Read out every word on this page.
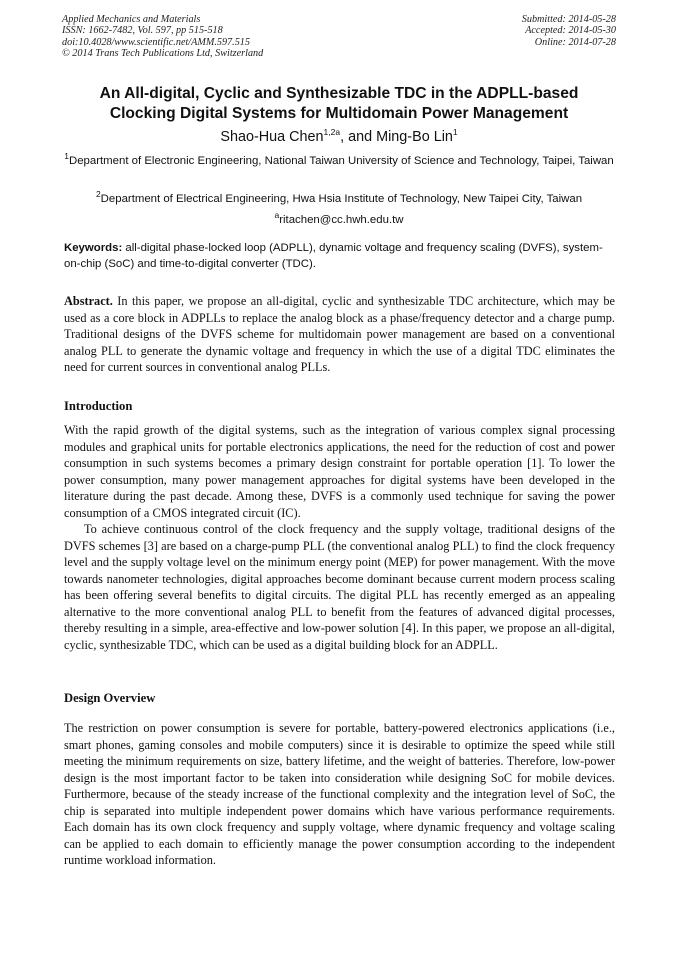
Applied Mechanics and Materials
ISSN: 1662-7482, Vol. 597, pp 515-518
doi:10.4028/www.scientific.net/AMM.597.515
© 2014 Trans Tech Publications Ltd, Switzerland
Submitted: 2014-05-28
Accepted: 2014-05-30
Online: 2014-07-28
An All-digital, Cyclic and Synthesizable TDC in the ADPLL-based
Clocking Digital Systems for Multidomain Power Management
Shao-Hua Chen$^{1,2a}$, and Ming-Bo Lin$^1$
$^1$Department of Electronic Engineering, National Taiwan University of Science and Technology, Taipei, Taiwan
$^2$Department of Electrical Engineering, Hwa Hsia Institute of Technology, New Taipei City, Taiwan
$^a$ritachen@cc.hwh.edu.tw
Keywords: all-digital phase-locked loop (ADPLL), dynamic voltage and frequency scaling (DVFS), system-on-chip (SoC) and time-to-digital converter (TDC).
Abstract. In this paper, we propose an all-digital, cyclic and synthesizable TDC architecture, which may be used as a core block in ADPLLs to replace the analog block as a phase/frequency detector and a charge pump. Traditional designs of the DVFS scheme for multidomain power management are based on a conventional analog PLL to generate the dynamic voltage and frequency in which the use of a digital TDC eliminates the need for current sources in conventional analog PLLs.
Introduction
With the rapid growth of the digital systems, such as the integration of various complex signal processing modules and graphical units for portable electronics applications, the need for the reduction of cost and power consumption in such systems becomes a primary design constraint for portable operation [1]. To lower the power consumption, many power management approaches for digital systems have been developed in the literature during the past decade. Among these, DVFS is a commonly used technique for saving the power consumption of a CMOS integrated circuit (IC).
To achieve continuous control of the clock frequency and the supply voltage, traditional designs of the DVFS schemes [3] are based on a charge-pump PLL (the conventional analog PLL) to find the clock frequency level and the supply voltage level on the minimum energy point (MEP) for power management. With the move towards nanometer technologies, digital approaches become dominant because current modern process scaling has been offering several benefits to digital circuits. The digital PLL has recently emerged as an appealing alternative to the more conventional analog PLL to benefit from the features of advanced digital processes, thereby resulting in a simple, area-effective and low-power solution [4]. In this paper, we propose an all-digital, cyclic, synthesizable TDC, which can be used as a digital building block for an ADPLL.
Design Overview
The restriction on power consumption is severe for portable, battery-powered electronics applications (i.e., smart phones, gaming consoles and mobile computers) since it is desirable to optimize the speed while still meeting the minimum requirements on size, battery lifetime, and the weight of batteries. Therefore, low-power design is the most important factor to be taken into consideration while designing SoC for mobile devices. Furthermore, because of the steady increase of the functional complexity and the integration level of SoC, the chip is separated into multiple independent power domains which have various performance requirements. Each domain has its own clock frequency and supply voltage, where dynamic frequency and voltage scaling can be applied to each domain to efficiently manage the power consumption according to the independent runtime workload information.
